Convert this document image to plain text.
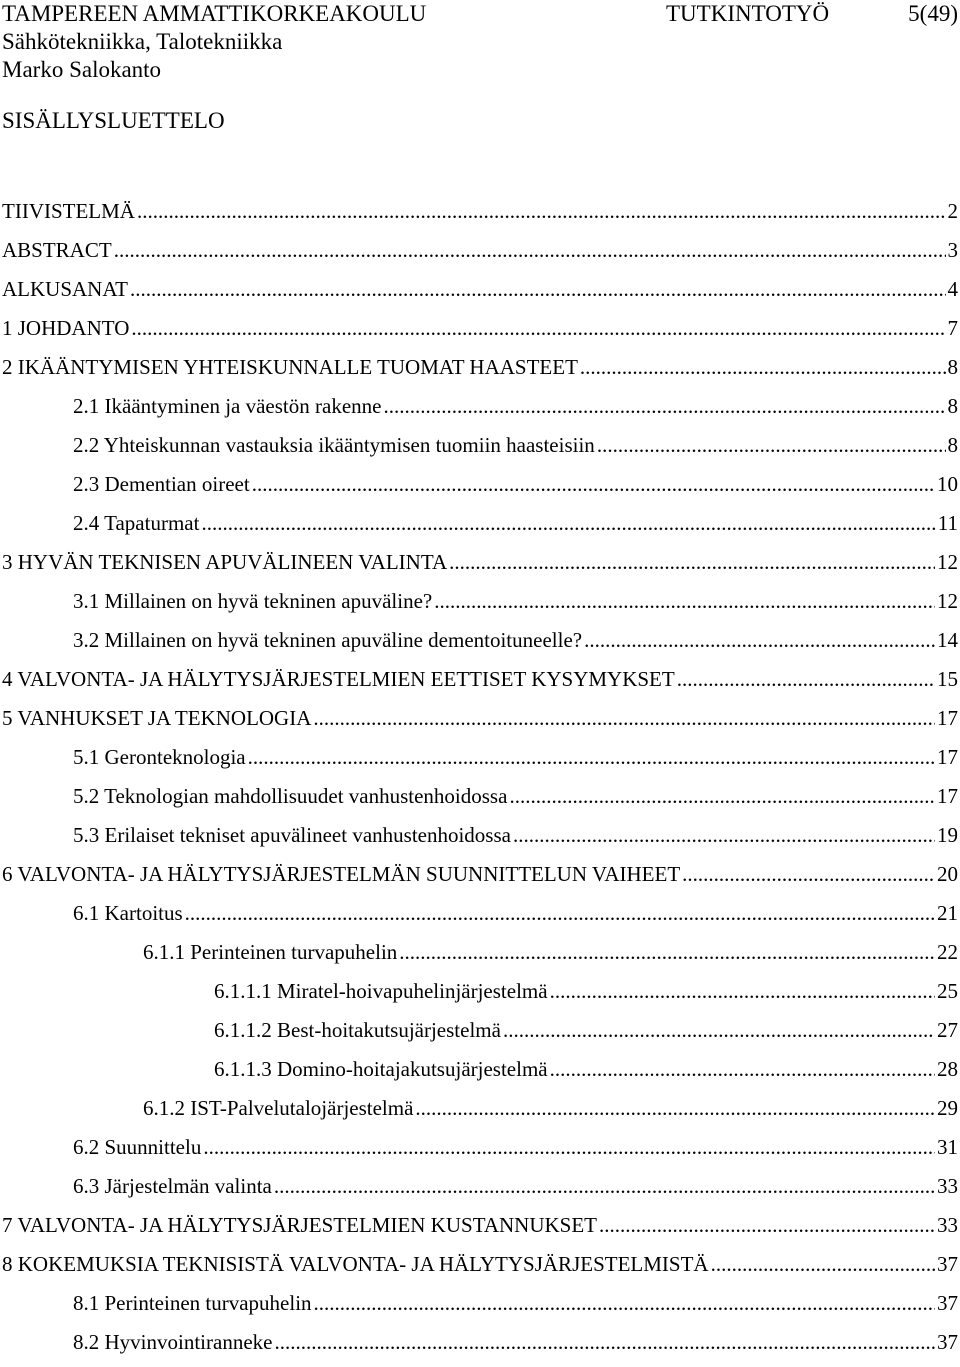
TAMPEREEN AMMATTIKORKEAKOULU	TUTKINTOTYÖ	5(49)
Sähkötekniikka, Talotekniikka
Marko Salokanto
SISÄLLYSLUETTELO
TIIVISTELMÄ .....	2
ABSTRACT .....	3
ALKUSANAT .....	4
1 JOHDANTO .....	7
2 IKÄÄNTYMISEN YHTEISKUNNALLE TUOMAT HAASTEET .....	8
2.1 Ikääntyminen ja väestön rakenne .....	8
2.2 Yhteiskunnan vastauksia ikääntymisen tuomiin haasteisiin .....	8
2.3 Dementian oireet .....	10
2.4 Tapaturmat .....	11
3 HYVÄN TEKNISEN APUVÄLINEEN VALINTA .....	12
3.1 Millainen on hyvä tekninen apuväline? .....	12
3.2 Millainen on hyvä tekninen apuväline dementoituneelle? .....	14
4 VALVONTA- JA HÄLYTYSJÄRJESTELMIEN EETTISET KYSYMYKSET .....	15
5 VANHUKSET JA TEKNOLOGIA .....	17
5.1 Geronteknologia .....	17
5.2 Teknologian mahdollisuudet vanhustenhoidossa .....	17
5.3 Erilaiset tekniset apuvälineet vanhustenhoidossa .....	19
6 VALVONTA- JA HÄLYTYSJÄRJESTELMÄN SUUNNITTELUN VAIHEET .....	20
6.1 Kartoitus .....	21
6.1.1 Perinteinen turvapuhelin .....	22
6.1.1.1 Miratel-hoivapuhelinjärjestelmä .....	25
6.1.1.2 Best-hoitakutsujärjestelmä .....	27
6.1.1.3 Domino-hoitajakutsujärjestelmä .....	28
6.1.2 IST-Palvelutalojärjestelmä .....	29
6.2 Suunnittelu .....	31
6.3 Järjestelmän valinta .....	33
7 VALVONTA- JA HÄLYTYSJÄRJESTELMIEN KUSTANNUKSET .....	33
8 KOKEMUKSIA TEKNISISTÄ VALVONTA- JA HÄLYTYSJÄRJESTELMISTÄ .....	37
8.1 Perinteinen turvapuhelin .....	37
8.2 Hyvinvointiranneke .....	37
